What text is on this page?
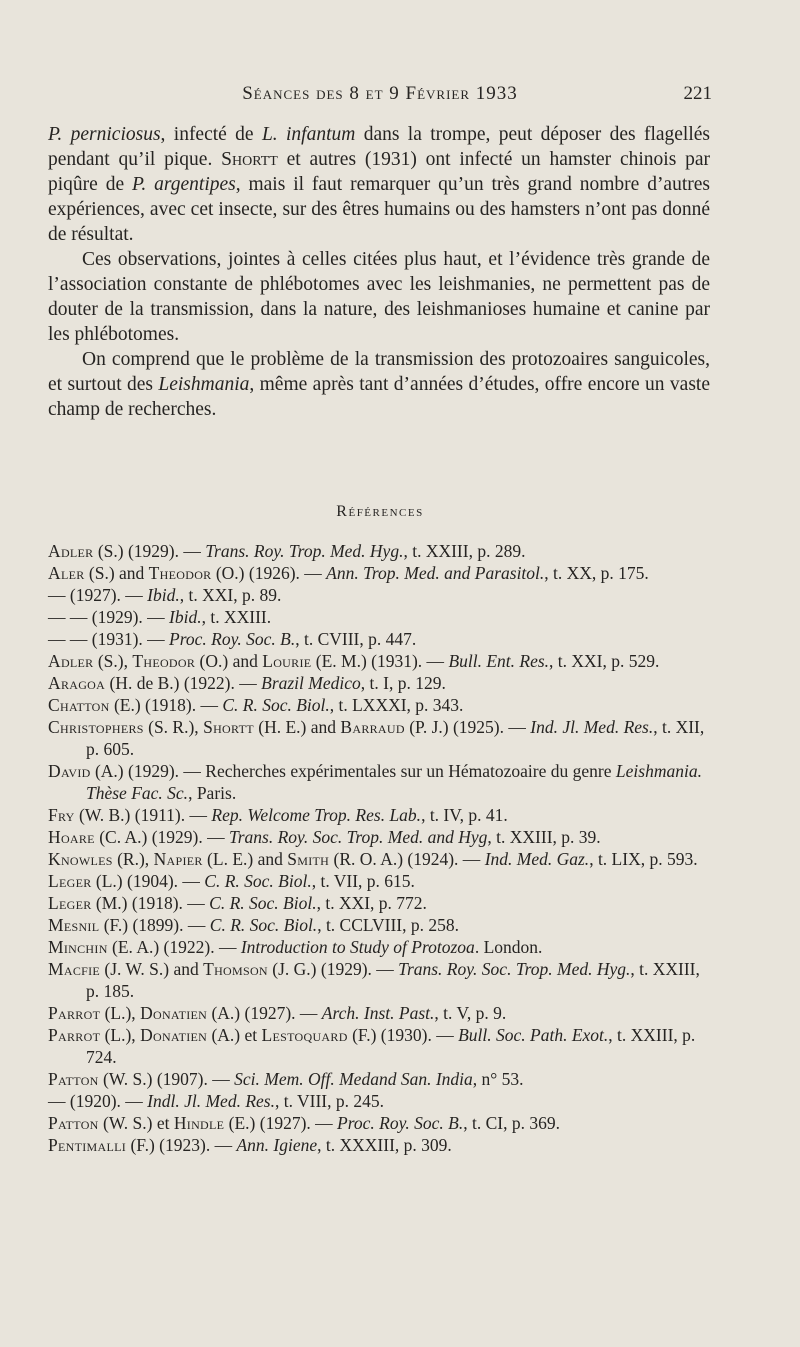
Séances des 8 et 9 Février 1933	221

P. perniciosus, infecté de L. infantum dans la trompe, peut déposer des flagellés pendant qu’il pique. Shortt et autres (1931) ont infecté un hamster chinois par piqûre de P. argentipes, mais il faut remarquer qu’un très grand nombre d’autres expériences, avec cet insecte, sur des êtres humains ou des hamsters n’ont pas donné de résultat.

Ces observations, jointes à celles citées plus haut, et l’évidence très grande de l’association constante de phlébotomes avec les leishmanies, ne permettent pas de douter de la transmission, dans la nature, des leishmanioses humaine et canine par les phlébotomes.

On comprend que le problème de la transmission des protozoaires sanguicoles, et surtout des Leishmania, même après tant d’années d’études, offre encore un vaste champ de recherches.

Références

Adler (S.) (1929). — Trans. Roy. Trop. Med. Hyg., t. XXIII, p. 289.

Aler (S.) and Theodor (O.) (1926). — Ann. Trop. Med. and Parasitol., t. XX, p. 175.

— (1927). — Ibid., t. XXI, p. 89.

— — (1929). — Ibid., t. XXIII.

— — (1931). — Proc. Roy. Soc. B., t. CVIII, p. 447.

Adler (S.), Theodor (O.) and Lourie (E. M.) (1931). — Bull. Ent. Res., t. XXI, p. 529.

Aragoa (H. de B.) (1922). — Brazil Medico, t. I, p. 129.

Chatton (E.) (1918). — C. R. Soc. Biol., t. LXXXI, p. 343.

Christophers (S. R.), Shortt (H. E.) and Barraud (P. J.) (1925). — Ind. Jl. Med. Res., t. XII, p. 605.

David (A.) (1929). — Recherches expérimentales sur un Hématozoaire du genre Leishmania. Thèse Fac. Sc., Paris.

Fry (W. B.) (1911). — Rep. Welcome Trop. Res. Lab., t. IV, p. 41.

Hoare (C. A.) (1929). — Trans. Roy. Soc. Trop. Med. and Hyg, t. XXIII, p. 39.

Knowles (R.), Napier (L. E.) and Smith (R. O. A.) (1924). — Ind. Med. Gaz., t. LIX, p. 593.

Leger (L.) (1904). — C. R. Soc. Biol., t. VII, p. 615.

Leger (M.) (1918). — C. R. Soc. Biol., t. XXI, p. 772.

Mesnil (F.) (1899). — C. R. Soc. Biol., t. CCLVIII, p. 258.

Minchin (E. A.) (1922). — Introduction to Study of Protozoa. London.

Macfie (J. W. S.) and Thomson (J. G.) (1929). — Trans. Roy. Soc. Trop. Med. Hyg., t. XXIII, p. 185.

Parrot (L.), Donatien (A.) (1927). — Arch. Inst. Past., t. V, p. 9.

Parrot (L.), Donatien (A.) et Lestoquard (F.) (1930). — Bull. Soc. Path. Exot., t. XXIII, p. 724.

Patton (W. S.) (1907). — Sci. Mem. Off. Medand San. India, n° 53.

— (1920). — Indl. Jl. Med. Res., t. VIII, p. 245.

Patton (W. S.) et Hindle (E.) (1927). — Proc. Roy. Soc. B., t. CI, p. 369.

Pentimalli (F.) (1923). — Ann. Igiene, t. XXXIII, p. 309.
